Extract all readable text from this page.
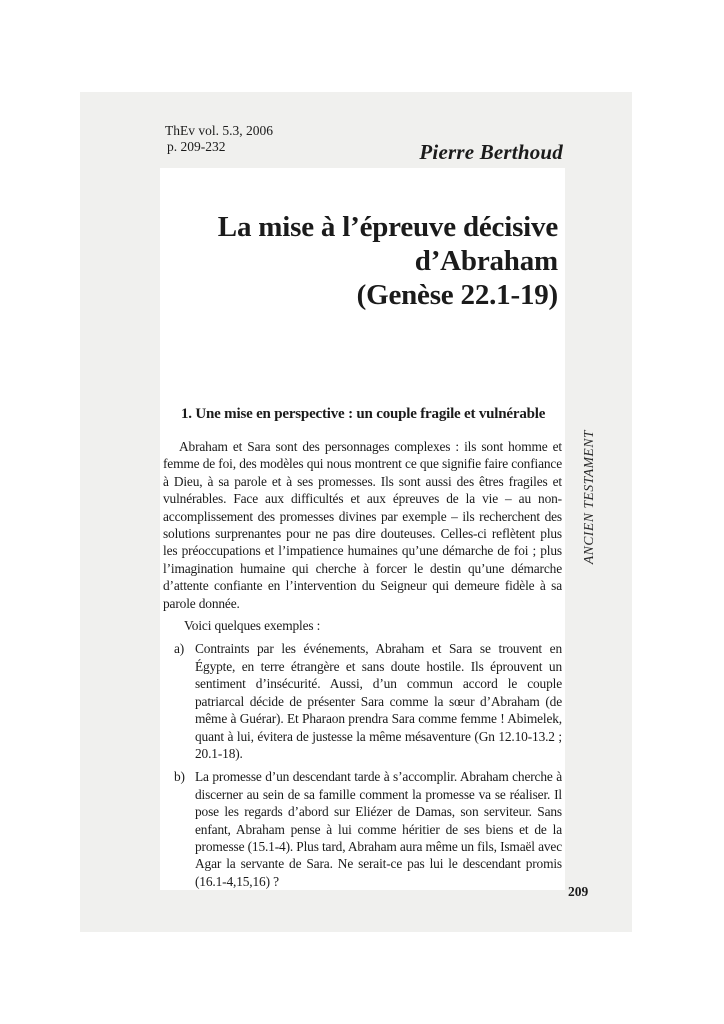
ThEv vol. 5.3, 2006
p. 209-232	Pierre Berthoud
La mise à l’épreuve décisive
d’Abraham
(Genèse 22.1-19)
1. Une mise en perspective : un couple fragile et vulnérable

Abraham et Sara sont des personnages complexes : ils sont homme et femme de foi, des modèles qui nous montrent ce que signifie faire confiance à Dieu, à sa parole et à ses promesses. Ils sont aussi des êtres fragiles et vulnérables. Face aux difficultés et aux épreuves de la vie – au non-accomplissement des promesses divines par exemple – ils recherchent des solutions surprenantes pour ne pas dire douteuses. Celles-ci reflètent plus les préoccupations et l’impatience humaines qu’une démarche de foi ; plus l’imagination humaine qui cherche à forcer le destin qu’une démarche d’attente confiante en l’intervention du Seigneur qui demeure fidèle à sa parole donnée.

Voici quelques exemples :

a) Contraints par les événements, Abraham et Sara se trouvent en Égypte, en terre étrangère et sans doute hostile. Ils éprouvent un sentiment d’insécurité. Aussi, d’un commun accord le couple patriarcal décide de présenter Sara comme la sœur d’Abraham (de même à Guérar). Et Pharaon prendra Sara comme femme ! Abimelek, quant à lui, évitera de justesse la même mésaventure (Gn 12.10-13.2 ; 20.1-18).
b) La promesse d’un descendant tarde à s’accomplir. Abraham cherche à discerner au sein de sa famille comment la promesse va se réaliser. Il pose les regards d’abord sur Eliézer de Damas, son serviteur. Sans enfant, Abraham pense à lui comme héritier de ses biens et de la promesse (15.1-4). Plus tard, Abraham aura même un fils, Ismaël avec Agar la servante de Sara. Ne serait-ce pas lui le descendant promis (16.1-4,15,16) ?
ANCIEN TESTAMENT
209
